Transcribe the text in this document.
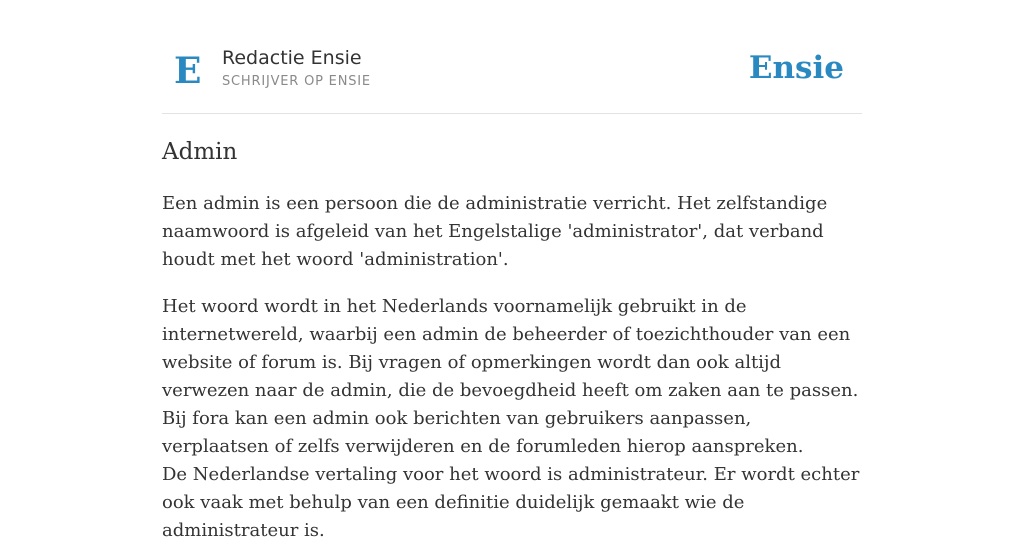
E Redactie Ensie
SCHRIJVER OP ENSIE	Ensie
Admin

Een admin is een persoon die de administratie verricht. Het zelfstandige naamwoord is afgeleid van het Engelstalige 'administrator', dat verband houdt met het woord 'administration'.

Het woord wordt in het Nederlands voornamelijk gebruikt in de internetwereld, waarbij een admin de beheerder of toezichthouder van een website of forum is. Bij vragen of opmerkingen wordt dan ook altijd verwezen naar de admin, die de bevoegdheid heeft om zaken aan te passen. Bij fora kan een admin ook berichten van gebruikers aanpassen, verplaatsen of zelfs verwijderen en de forumleden hierop aanspreken.
De Nederlandse vertaling voor het woord is administrateur. Er wordt echter ook vaak met behulp van een definitie duidelijk gemaakt wie de administrateur is.
